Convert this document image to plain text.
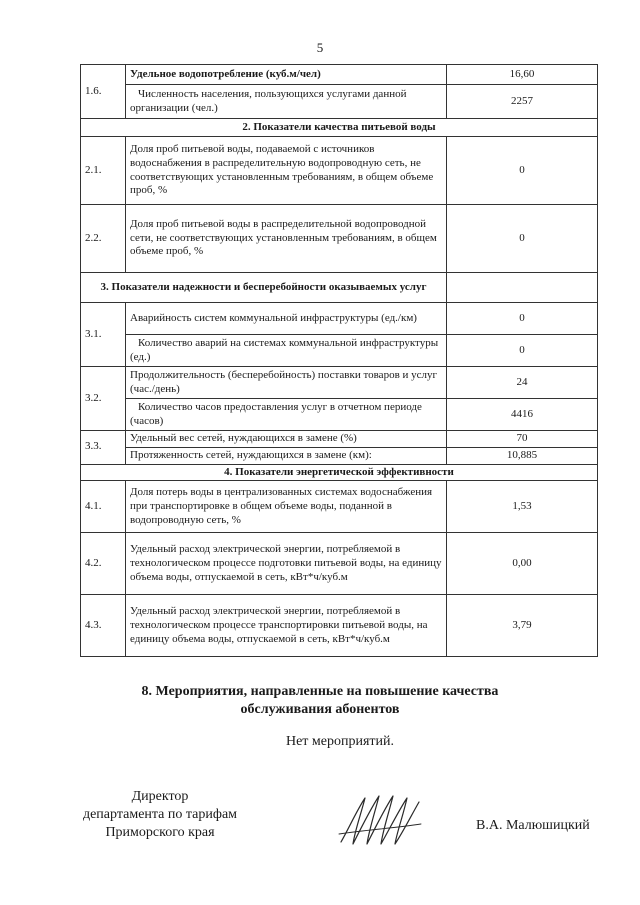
5
1.6.	Удельное водопотребление (куб.м/чел)	16,60
	Численность населения, пользующихся услугами данной организации (чел.)	2257
2. Показатели качества питьевой воды		
2.1.	Доля проб питьевой воды, подаваемой с источников водоснабжения в распределительную водопроводную сеть, не соответствующих установленным требованиям, в общем объеме проб, %	0
2.2.	Доля проб питьевой воды в распределительной водопроводной сети, не соответствующих установленным требованиям, в общем объеме проб, %	0
3. Показатели надежности и бесперебойности оказываемых услуг		
3.1.	Аварийность систем коммунальной инфраструктуры (ед./км)	0
	Количество аварий на системах коммунальной инфраструктуры (ед.)	0
3.2.	Продолжительность (бесперебойность) поставки товаров и услуг (час./день)	24
	Количество часов предоставления услуг в отчетном периоде (часов)	4416
3.3.	Удельный вес сетей, нуждающихся в замене (%)	70
	Протяженность сетей, нуждающихся в замене (км):	10,885
4. Показатели энергетической эффективности		
4.1.	Доля потерь воды в централизованных системах водоснабжения при транспортировке в общем объеме воды, поданной в водопроводную сеть, %	1,53
4.2.	Удельный расход электрической энергии, потребляемой в технологическом процессе подготовки питьевой воды, на единицу объема воды, отпускаемой в сеть, кВт*ч/куб.м	0,00
4.3.	Удельный расход электрической энергии, потребляемой в технологическом процессе транспортировки питьевой воды, на единицу объема воды, отпускаемой в сеть, кВт*ч/куб.м	3,79
8. Мероприятия, направленные на повышение качества
обслуживания абонентов
Нет мероприятий.
Директор
департамента по тарифам
Приморского края	В.А. Малюшицкий
